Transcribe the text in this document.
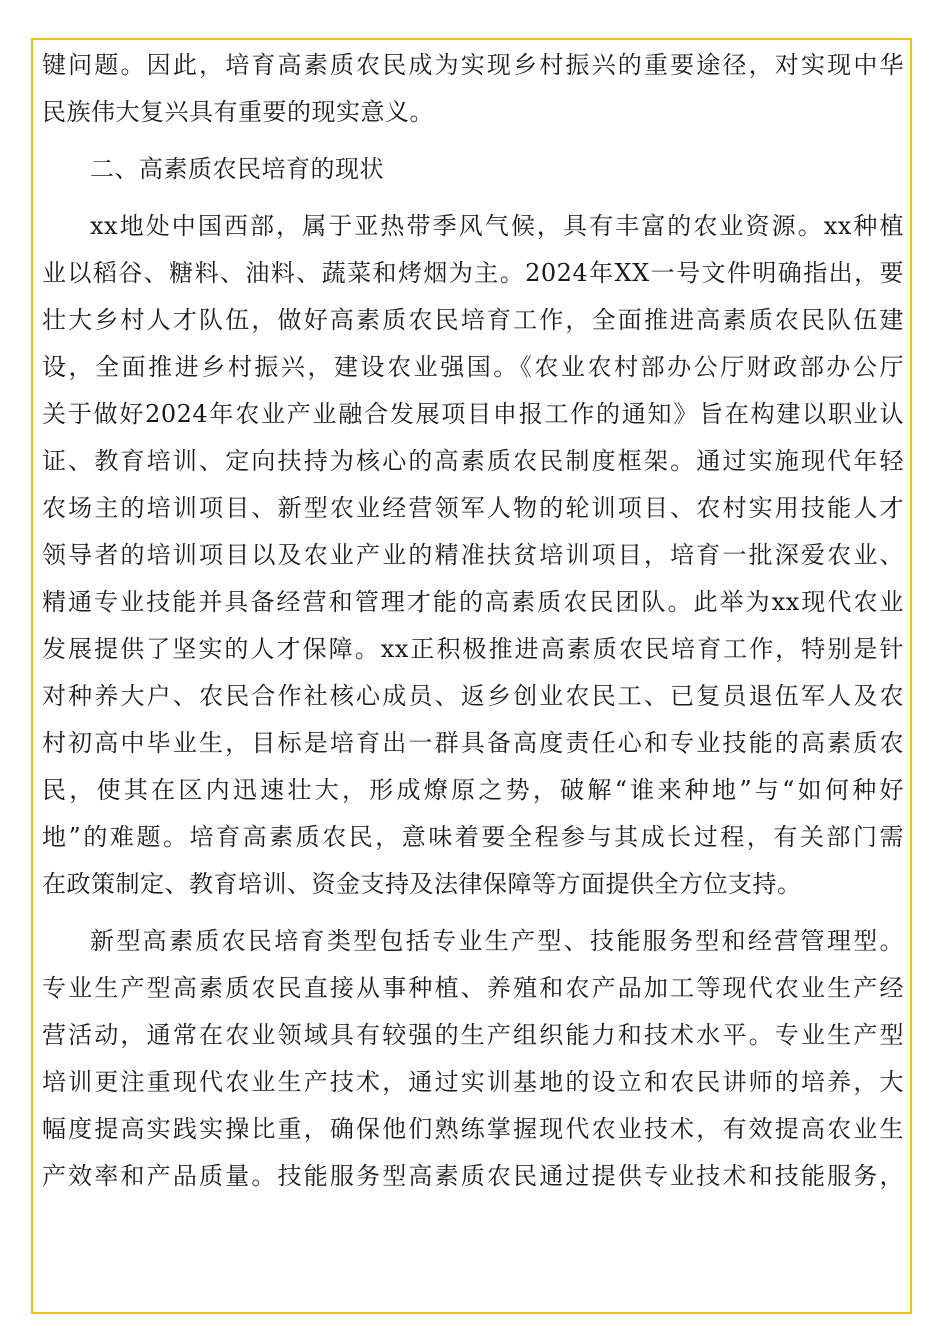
键问题。因此，培育高素质农民成为实现乡村振兴的重要途径，对实现中华
民族伟大复兴具有重要的现实意义。
二、高素质农民培育的现状
xx地处中国西部，属于亚热带季风气候，具有丰富的农业资源。xx种植
业以稻谷、糖料、油料、蔬菜和烤烟为主。2024年XX一号文件明确指出，要
壮大乡村人才队伍，做好高素质农民培育工作，全面推进高素质农民队伍建
设，全面推进乡村振兴，建设农业强国。《农业农村部办公厅财政部办公厅
关于做好2024年农业产业融合发展项目申报工作的通知》旨在构建以职业认
证、教育培训、定向扶持为核心的高素质农民制度框架。通过实施现代年轻
农场主的培训项目、新型农业经营领军人物的轮训项目、农村实用技能人才
领导者的培训项目以及农业产业的精准扶贫培训项目，培育一批深爱农业、
精通专业技能并具备经营和管理才能的高素质农民团队。此举为xx现代农业
发展提供了坚实的人才保障。xx正积极推进高素质农民培育工作，特别是针
对种养大户、农民合作社核心成员、返乡创业农民工、已复员退伍军人及农
村初高中毕业生，目标是培育出一群具备高度责任心和专业技能的高素质农
民，使其在区内迅速壮大，形成燎原之势，破解“谁来种地”与“如何种好
地”的难题。培育高素质农民，意味着要全程参与其成长过程，有关部门需
在政策制定、教育培训、资金支持及法律保障等方面提供全方位支持。
新型高素质农民培育类型包括专业生产型、技能服务型和经营管理型。
专业生产型高素质农民直接从事种植、养殖和农产品加工等现代农业生产经
营活动，通常在农业领域具有较强的生产组织能力和技术水平。专业生产型
培训更注重现代农业生产技术，通过实训基地的设立和农民讲师的培养，大
幅度提高实践实操比重，确保他们熟练掌握现代农业技术，有效提高农业生
产效率和产品质量。技能服务型高素质农民通过提供专业技术和技能服务，
